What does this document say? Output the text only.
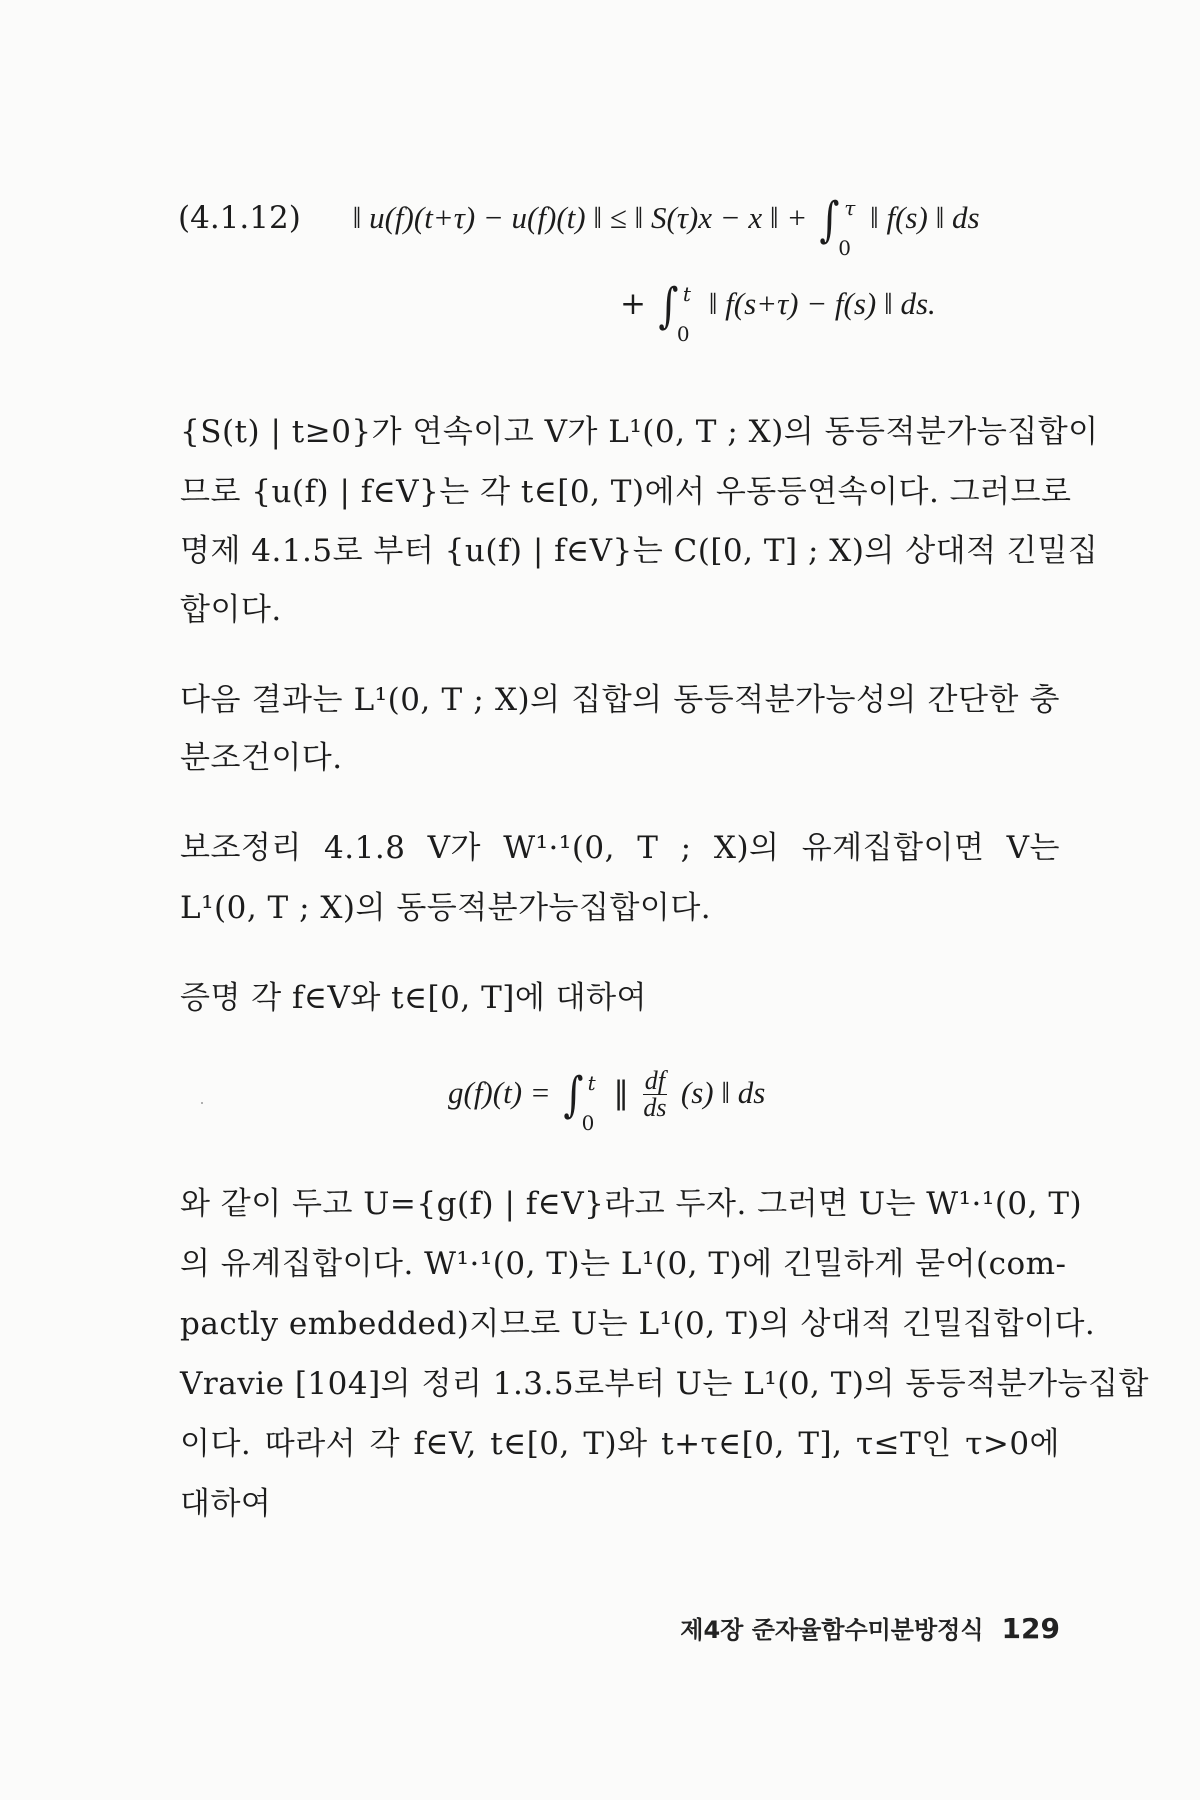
(4.1.12) ‖ u(f)(t+τ) − u(f)(t) ‖ ≤ ‖ S(τ)x − x ‖ + ∫ τ
0
‖ f(s) ‖ ds
+ ∫ t
0
‖ f(s+τ) − f(s) ‖ ds.
{S(t) | t≥0}가 연속이고 V가 L¹(0, T ; X)의 동등적분가능집합이
므로 {u(f) | f∈V}는 각 t∈[0, T)에서 우동등연속이다. 그러므로
명제 4.1.5로 부터 {u(f) | f∈V}는 C([0, T] ; X)의 상대적 긴밀집
합이다.
다음 결과는 L¹(0, T ; X)의 집합의 동등적분가능성의 간단한 충
분조건이다.
보조정리 4.1.8 V가 W¹·¹(0, T ; X)의 유계집합이면 V는
L¹(0, T ; X)의 동등적분가능집합이다.
증명 각 f∈V와 t∈[0, T]에 대하여
g(f)(t) = ∫ t
0
‖ $\frac{df}{ds} (s)$ ‖ ds
와 같이 두고 U={g(f) | f∈V}라고 두자. 그러면 U는 W¹·¹(0, T)
의 유계집합이다. W¹·¹(0, T)는 L¹(0, T)에 긴밀하게 묻어(com-
pactly embedded)지므로 U는 L¹(0, T)의 상대적 긴밀집합이다.
Vravie [104]의 정리 1.3.5로부터 U는 L¹(0, T)의 동등적분가능집합
이다. 따라서 각 f∈V, t∈[0, T)와 t+τ∈[0, T], τ≤T인 τ>0에
대하여
제4장 준자율함수미분방정식 129
